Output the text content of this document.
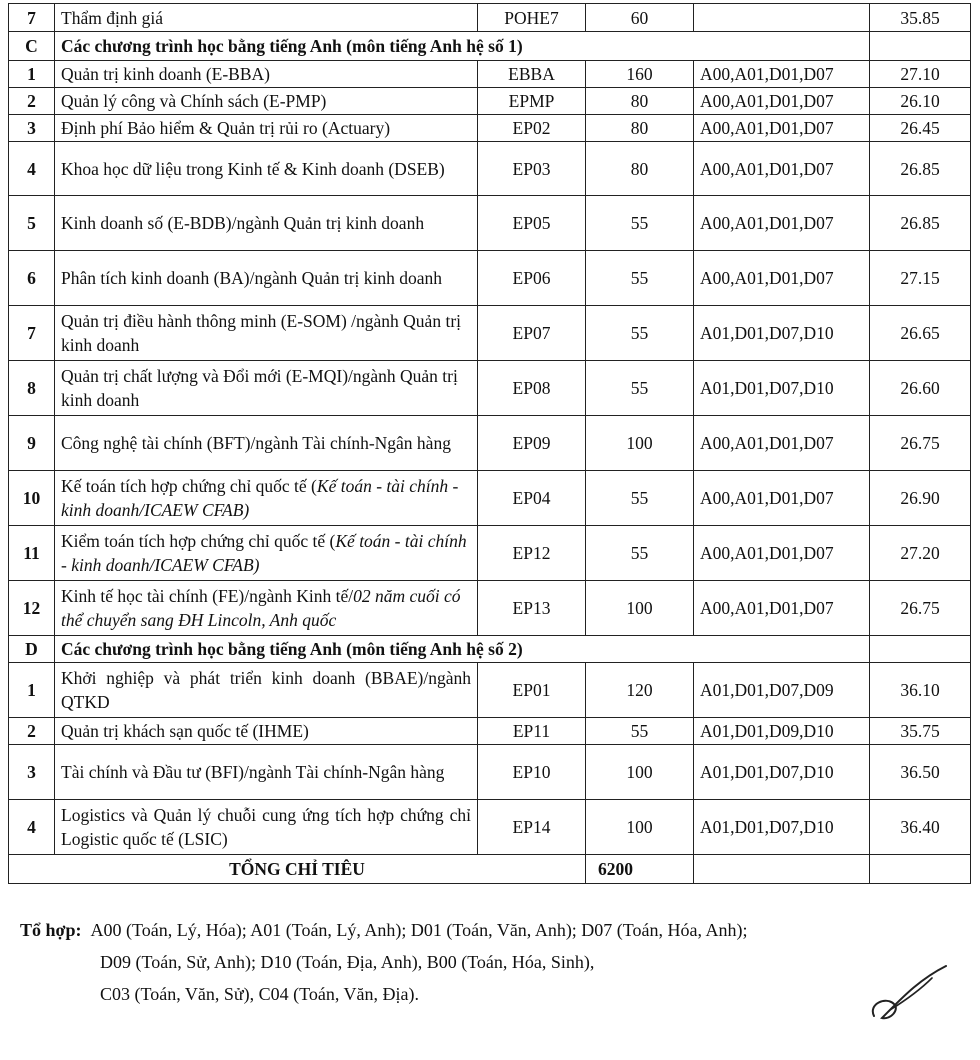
7	Thẩm định giá	POHE7	60		35.85
C	Các chương trình học bằng tiếng Anh (môn tiếng Anh hệ số 1)				
1	Quản trị kinh doanh (E-BBA)	EBBA	160	A00,A01,D01,D07	27.10
2	Quản lý công và Chính sách (E-PMP)	EPMP	80	A00,A01,D01,D07	26.10
3	Định phí Bảo hiểm & Quản trị rủi ro (Actuary)	EP02	80	A00,A01,D01,D07	26.45
4	Khoa học dữ liệu trong Kinh tế & Kinh doanh (DSEB)	EP03	80	A00,A01,D01,D07	26.85
5	Kinh doanh số (E-BDB)/ngành Quản trị kinh doanh	EP05	55	A00,A01,D01,D07	26.85
6	Phân tích kinh doanh (BA)/ngành Quản trị kinh doanh	EP06	55	A00,A01,D01,D07	27.15
7	Quản trị điều hành thông minh (E-SOM) /ngành Quản trị kinh doanh	EP07	55	A01,D01,D07,D10	26.65
8	Quản trị chất lượng và Đổi mới (E-MQI)/ngành Quản trị kinh doanh	EP08	55	A01,D01,D07,D10	26.60
9	Công nghệ tài chính (BFT)/ngành Tài chính-Ngân hàng	EP09	100	A00,A01,D01,D07	26.75
10	Kế toán tích hợp chứng chỉ quốc tế (Kế toán - tài chính - kinh doanh/ICAEW CFAB)	EP04	55	A00,A01,D01,D07	26.90
11	Kiểm toán tích hợp chứng chỉ quốc tế (Kế toán - tài chính - kinh doanh/ICAEW CFAB)	EP12	55	A00,A01,D01,D07	27.20
12	Kinh tế học tài chính (FE)/ngành Kinh tế/02 năm cuối có thể chuyển sang ĐH Lincoln, Anh quốc	EP13	100	A00,A01,D01,D07	26.75
D	Các chương trình học bằng tiếng Anh (môn tiếng Anh hệ số 2)				
1	Khởi nghiệp và phát triển kinh doanh (BBAE)/ngành QTKD	EP01	120	A01,D01,D07,D09	36.10
2	Quản trị khách sạn quốc tế (IHME)	EP11	55	A01,D01,D09,D10	35.75
3	Tài chính và Đầu tư (BFI)/ngành Tài chính-Ngân hàng	EP10	100	A01,D01,D07,D10	36.50
4	Logistics và Quản lý chuỗi cung ứng tích hợp chứng chỉ Logistic quốc tế (LSIC)	EP14	100	A01,D01,D07,D10	36.40
TỔNG CHỈ TIÊU			6200		
Tổ hợp: A00 (Toán, Lý, Hóa); A01 (Toán, Lý, Anh); D01 (Toán, Văn, Anh); D07 (Toán, Hóa, Anh);
D09 (Toán, Sử, Anh); D10 (Toán, Địa, Anh), B00 (Toán, Hóa, Sinh),
C03 (Toán, Văn, Sử), C04 (Toán, Văn, Địa).
